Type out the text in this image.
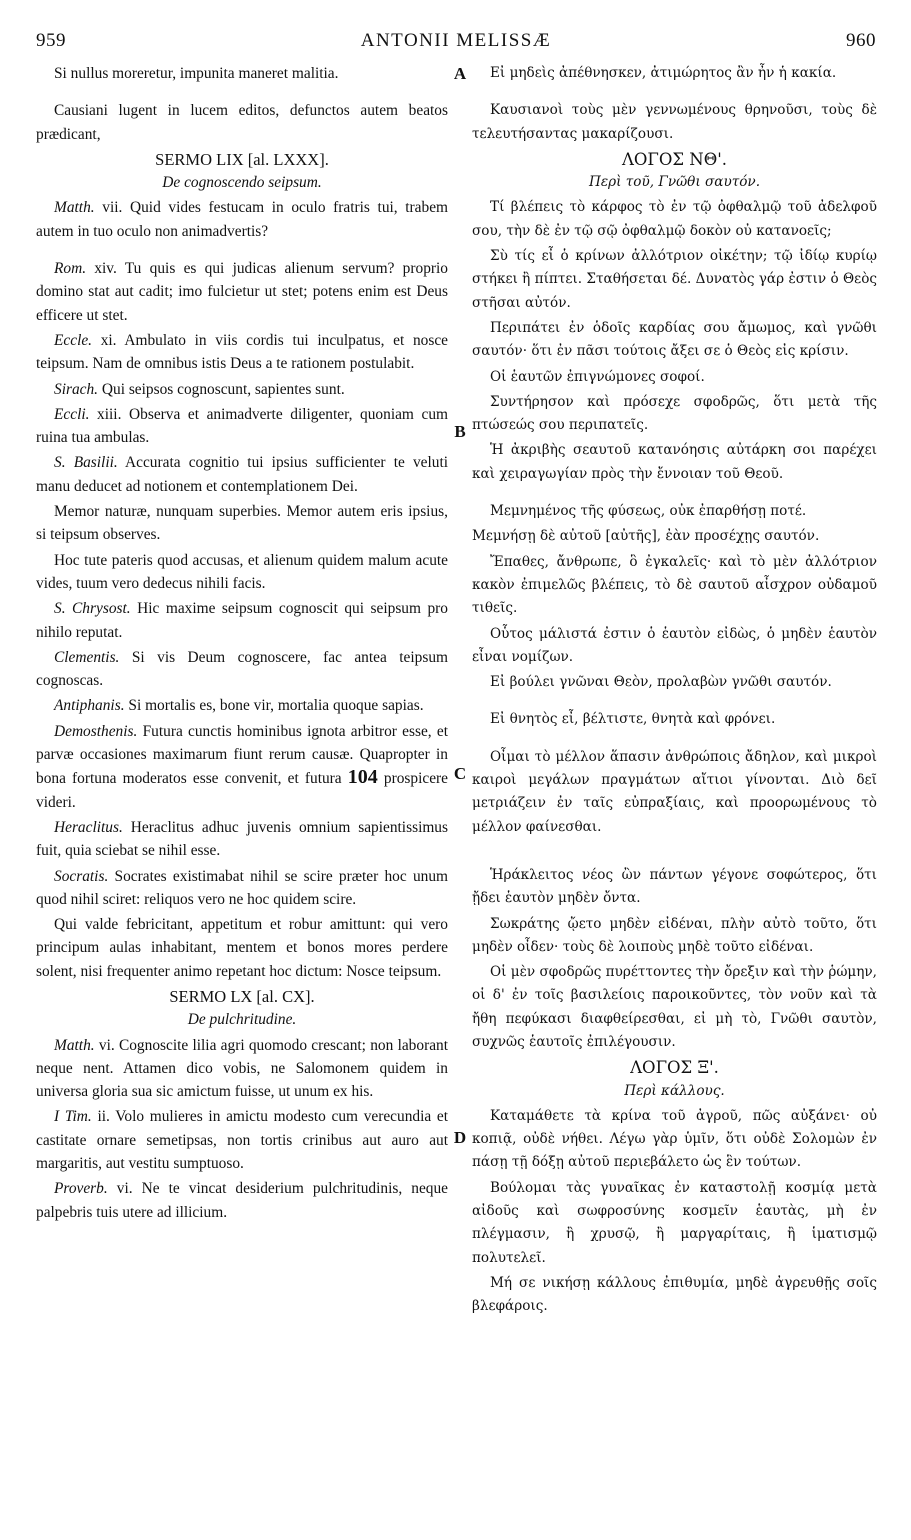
959	ANTONII MELISSÆ	960
A
B
C
D

Si nullus moreretur, impunita maneret malitia.

Causiani lugent in lucem editos, defunctos autem beatos prædicant,

SERMO LIX [al. LXXX].

De cognoscendo seipsum.

Matth. vii. Quid vides festucam in oculo fratris tui, trabem autem in tuo oculo non animadvertis?

Rom. xiv. Tu quis es qui judicas alienum servum? proprio domino stat aut cadit; imo fulcietur ut stet; potens enim est Deus efficere ut stet.

Eccle. xi. Ambulato in viis cordis tui inculpatus, et nosce teipsum. Nam de omnibus istis Deus a te rationem postulabit.

Sirach. Qui seipsos cognoscunt, sapientes sunt.

Eccli. xiii. Observa et animadverte diligenter, quoniam cum ruina tua ambulas.

S. Basilii. Accurata cognitio tui ipsius sufficienter te veluti manu deducet ad notionem et contemplationem Dei.

Memor naturæ, nunquam superbies. Memor autem eris ipsius, si teipsum observes.

Hoc tute pateris quod accusas, et alienum quidem malum acute vides, tuum vero dedecus nihili facis.

S. Chrysost. Hic maxime seipsum cognoscit qui seipsum pro nihilo reputat.

Clementis. Si vis Deum cognoscere, fac antea teipsum cognoscas.

Antiphanis. Si mortalis es, bone vir, mortalia quoque sapias.

Demosthenis. Futura cunctis hominibus ignota arbitror esse, et parvæ occasiones maximarum fiunt rerum causæ. Quapropter in bona fortuna moderatos esse convenit, et futura 104 prospicere videri.

Heraclitus. Heraclitus adhuc juvenis omnium sapientissimus fuit, quia sciebat se nihil esse.

Socratis. Socrates existimabat nihil se scire præter hoc unum quod nihil sciret: reliquos vero ne hoc quidem scire.

Qui valde febricitant, appetitum et robur amittunt: qui vero principum aulas inhabitant, mentem et bonos mores perdere solent, nisi frequenter animo repetant hoc dictum: Nosce teipsum.

SERMO LX [al. CX].

De pulchritudine.

Matth. vi. Cognoscite lilia agri quomodo crescant; non laborant neque nent. Attamen dico vobis, ne Salomonem quidem in universa gloria sua sic amictum fuisse, ut unum ex his.

I Tim. ii. Volo mulieres in amictu modesto cum verecundia et castitate ornare semetipsas, non tortis crinibus aut auro aut margaritis, aut vestitu sumptuoso.

Proverb. vi. Ne te vincat desiderium pulchritudinis, neque palpebris tuis utere ad illicium.

Εἰ μηδεὶς ἀπέθνησκεν, ἀτιμώρητος ἂν ἦν ἡ κακία.

Καυσιανοὶ τοὺς μὲν γεννωμένους θρηνοῦσι, τοὺς δὲ τελευτήσαντας μακαρίζουσι.

ΛΟΓΟΣ ΝΘ'.

Περὶ τοῦ, Γνῶθι σαυτόν.

Τί βλέπεις τὸ κάρφος τὸ ἐν τῷ ὀφθαλμῷ τοῦ ἀδελφοῦ σου, τὴν δὲ ἐν τῷ σῷ ὀφθαλμῷ δοκὸν οὐ κατανοεῖς;

Σὺ τίς εἶ ὁ κρίνων ἀλλότριον οἰκέτην; τῷ ἰδίῳ κυρίῳ στήκει ἢ πίπτει. Σταθήσεται δέ. Δυνατὸς γάρ ἐστιν ὁ Θεὸς στῆσαι αὐτόν.

Περιπάτει ἐν ὁδοῖς καρδίας σου ἄμωμος, καὶ γνῶθι σαυτόν· ὅτι ἐν πᾶσι τούτοις ἄξει σε ὁ Θεὸς εἰς κρίσιν.

Οἱ ἑαυτῶν ἐπιγνώμονες σοφοί.

Συντήρησον καὶ πρόσεχε σφοδρῶς, ὅτι μετὰ τῆς πτώσεώς σου περιπατεῖς.

Ἡ ἀκριβὴς σεαυτοῦ κατανόησις αὐτάρκη σοι παρέχει καὶ χειραγωγίαν πρὸς τὴν ἔννοιαν τοῦ Θεοῦ.

Μεμνημένος τῆς φύσεως, οὐκ ἐπαρθήσῃ ποτέ.

Μεμνήσῃ δὲ αὐτοῦ [αὐτῆς], ἐὰν προσέχῃς σαυτόν.

Ἔπαθες, ἄνθρωπε, ὃ ἐγκαλεῖς· καὶ τὸ μὲν ἀλλότριον κακὸν ἐπιμελῶς βλέπεις, τὸ δὲ σαυτοῦ αἶσχρον οὐδαμοῦ τιθεῖς.

Οὗτος μάλιστά ἐστιν ὁ ἑαυτὸν εἰδὼς, ὁ μηδὲν ἑαυτὸν εἶναι νομίζων.

Εἰ βούλει γνῶναι Θεὸν, προλαβὼν γνῶθι σαυτόν.

Εἰ θνητὸς εἶ, βέλτιστε, θνητὰ καὶ φρόνει.

Οἶμαι τὸ μέλλον ἅπασιν ἀνθρώποις ἄδηλον, καὶ μικροὶ καιροὶ μεγάλων πραγμάτων αἴτιοι γίνονται. Διὸ δεῖ μετριάζειν ἐν ταῖς εὐπραξίαις, καὶ προορωμένους τὸ μέλλον φαίνεσθαι.

Ἡράκλειτος νέος ὢν πάντων γέγονε σοφώτερος, ὅτι ᾔδει ἑαυτὸν μηδὲν ὄντα.

Σωκράτης ᾤετο μηδὲν εἰδέναι, πλὴν αὐτὸ τοῦτο, ὅτι μηδὲν οἶδεν· τοὺς δὲ λοιποὺς μηδὲ τοῦτο εἰδέναι.

Οἱ μὲν σφοδρῶς πυρέττοντες τὴν ὄρεξιν καὶ τὴν ῥώμην, οἱ δ' ἐν τοῖς βασιλείοις παροικοῦντες, τὸν νοῦν καὶ τὰ ἤθη πεφύκασι διαφθείρεσθαι, εἰ μὴ τὸ, Γνῶθι σαυτὸν, συχνῶς ἑαυτοῖς ἐπιλέγουσιν.

ΛΟΓΟΣ Ξ'.

Περὶ κάλλους.

Καταμάθετε τὰ κρίνα τοῦ ἀγροῦ, πῶς αὐξάνει· οὐ κοπιᾷ, οὐδὲ νήθει. Λέγω γὰρ ὑμῖν, ὅτι οὐδὲ Σολομὼν ἐν πάσῃ τῇ δόξῃ αὐτοῦ περιεβάλετο ὡς ἓν τούτων.

Βούλομαι τὰς γυναῖκας ἐν καταστολῇ κοσμίᾳ μετὰ αἰδοῦς καὶ σωφροσύνης κοσμεῖν ἑαυτὰς, μὴ ἐν πλέγμασιν, ἢ χρυσῷ, ἢ μαργαρίταις, ἢ ἱματισμῷ πολυτελεῖ.

Μή σε νικήσῃ κάλλους ἐπιθυμία, μηδὲ ἀγρευθῇς σοῖς βλεφάροις.
